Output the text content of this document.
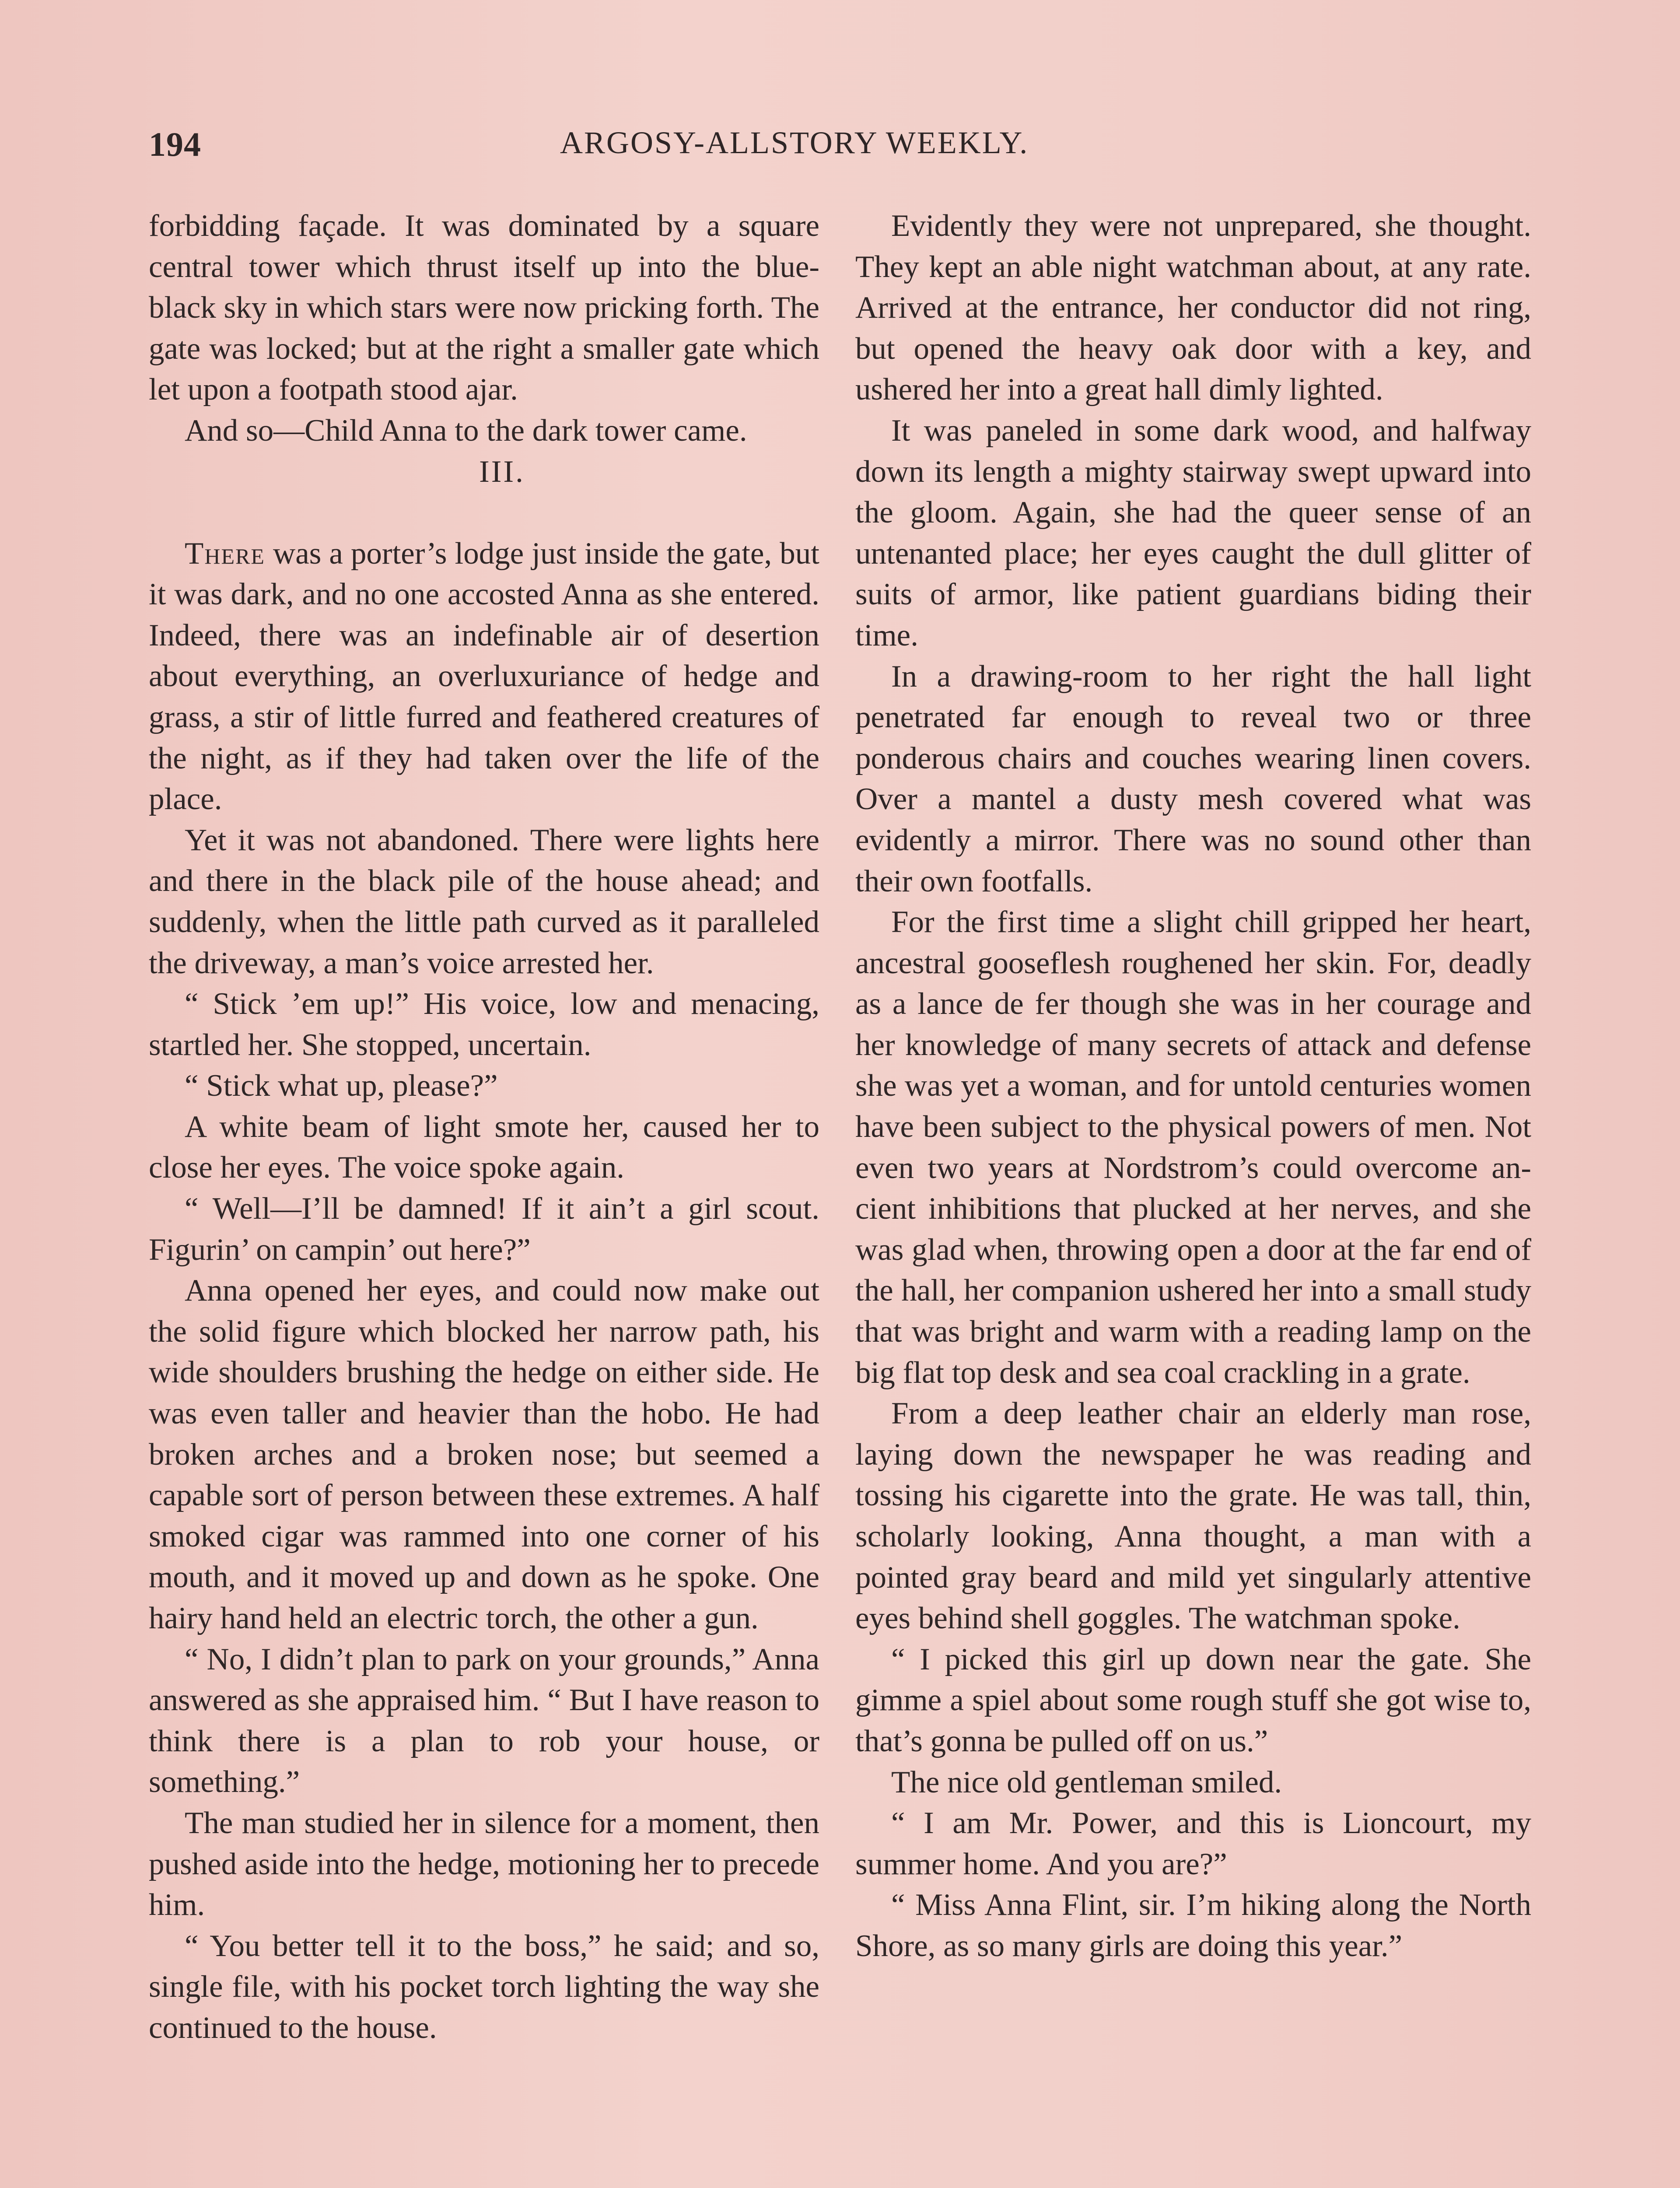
194	ARGOSY-ALLSTORY WEEKLY.

forbidding façade. It was dominated by a square central tower which thrust itself up into the blue-black sky in which stars were now pricking forth. The gate was locked; but at the right a smaller gate which let upon a footpath stood ajar.

And so—Child Anna to the dark tower came.

III.

There was a porter’s lodge just inside the gate, but it was dark, and no one accosted Anna as she entered. Indeed, there was an indefinable air of desertion about everything, an overluxuriance of hedge and grass, a stir of little furred and feathered creatures of the night, as if they had taken over the life of the place.

Yet it was not abandoned. There were lights here and there in the black pile of the house ahead; and suddenly, when the little path curved as it paralleled the driveway, a man’s voice arrested her.

“ Stick ’em up!” His voice, low and menacing, startled her. She stopped, uncertain.

“ Stick what up, please?”

A white beam of light smote her, caused her to close her eyes. The voice spoke again.

“ Well—I’ll be damned! If it ain’t a girl scout. Figurin’ on campin’ out here?”

Anna opened her eyes, and could now make out the solid figure which blocked her narrow path, his wide shoulders brushing the hedge on either side. He was even taller and heavier than the hobo. He had broken arches and a broken nose; but seemed a capable sort of person between these extremes. A half smoked cigar was rammed into one corner of his mouth, and it moved up and down as he spoke. One hairy hand held an electric torch, the other a gun.

“ No, I didn’t plan to park on your grounds,” Anna answered as she appraised him. “ But I have reason to think there is a plan to rob your house, or something.”

The man studied her in silence for a moment, then pushed aside into the hedge, motioning her to precede him.

“ You better tell it to the boss,” he said; and so, single file, with his pocket torch lighting the way she continued to the house.

Evidently they were not unprepared, she thought. They kept an able night watchman about, at any rate. Arrived at the entrance, her conductor did not ring, but opened the heavy oak door with a key, and ushered her into a great hall dimly lighted.

It was paneled in some dark wood, and halfway down its length a mighty stairway swept upward into the gloom. Again, she had the queer sense of an untenanted place; her eyes caught the dull glitter of suits of armor, like patient guardians biding their time.

In a drawing-room to her right the hall light penetrated far enough to reveal two or three ponderous chairs and couches wearing linen covers. Over a mantel a dusty mesh covered what was evidently a mirror. There was no sound other than their own footfalls.

For the first time a slight chill gripped her heart, ancestral gooseflesh roughened her skin. For, deadly as a lance de fer though she was in her courage and her knowledge of many secrets of attack and defense she was yet a woman, and for untold centuries women have been subject to the physical powers of men. Not even two years at Nordstrom’s could overcome ancient inhibitions that plucked at her nerves, and she was glad when, throwing open a door at the far end of the hall, her companion ushered her into a small study that was bright and warm with a reading lamp on the big flat top desk and sea coal crackling in a grate.

From a deep leather chair an elderly man rose, laying down the newspaper he was reading and tossing his cigarette into the grate. He was tall, thin, scholarly looking, Anna thought, a man with a pointed gray beard and mild yet singularly attentive eyes behind shell goggles. The watchman spoke.

“ I picked this girl up down near the gate. She gimme a spiel about some rough stuff she got wise to, that’s gonna be pulled off on us.”

The nice old gentleman smiled.

“ I am Mr. Power, and this is Lioncourt, my summer home. And you are?”

“ Miss Anna Flint, sir. I’m hiking along the North Shore, as so many girls are doing this year.”
